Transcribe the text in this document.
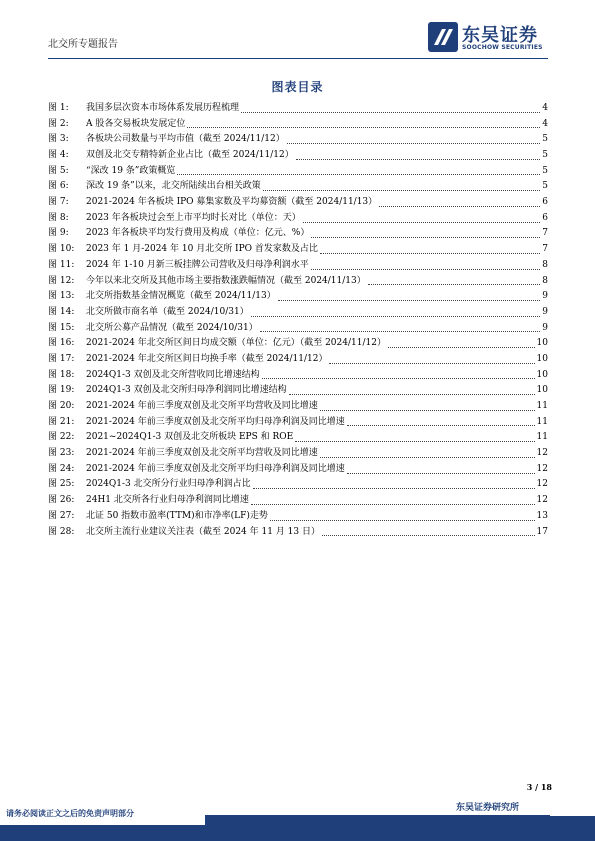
北交所专题报告	东吴证券
SOOCHOW SECURITIES
图表目录
图 1:	我国多层次资本市场体系发展历程梳理	4
图 2:	A 股各交易板块发展定位	4
图 3:	各板块公司数量与平均市值（截至 2024/11/12）	5
图 4:	双创及北交专精特新企业占比（截至 2024/11/12）	5
图 5:	“深改 19 条”政策概览	5
图 6:	深改 19 条”以来，北交所陆续出台相关政策	5
图 7:	2021-2024 年各板块 IPO 募集家数及平均募资额（截至 2024/11/13）	6
图 8:	2023 年各板块过会至上市平均时长对比（单位：天）	6
图 9:	2023 年各板块平均发行费用及构成（单位：亿元、%）	7
图 10:	2023 年 1 月-2024 年 10 月北交所 IPO 首发家数及占比	7
图 11:	2024 年 1-10 月新三板挂牌公司营收及归母净利润水平	8
图 12:	今年以来北交所及其他市场主要指数涨跌幅情况（截至 2024/11/13）	8
图 13:	北交所指数基金情况概览（截至 2024/11/13）	9
图 14:	北交所做市商名单（截至 2024/10/31）	9
图 15:	北交所公募产品情况（截至 2024/10/31）	9
图 16:	2021-2024 年北交所区间日均成交额（单位：亿元）（截至 2024/11/12）	10
图 17:	2021-2024 年北交所区间日均换手率（截至 2024/11/12）	10
图 18:	2024Q1-3 双创及北交所营收同比增速结构	10
图 19:	2024Q1-3 双创及北交所归母净利润同比增速结构	10
图 20:	2021-2024 年前三季度双创及北交所平均营收及同比增速	11
图 21:	2021-2024 年前三季度双创及北交所平均归母净利润及同比增速	11
图 22:	2021~2024Q1-3 双创及北交所板块 EPS 和 ROE	11
图 23:	2021-2024 年前三季度双创及北交所平均营收及同比增速	12
图 24:	2021-2024 年前三季度双创及北交所平均归母净利润及同比增速	12
图 25:	2024Q1-3 北交所分行业归母净利润占比	12
图 26:	24H1 北交所各行业归母净利润同比增速	12
图 27:	北证 50 指数市盈率(TTM)和市净率(LF)走势	13
图 28:	北交所主流行业建议关注表（截至 2024 年 11 月 13 日）	17
3 / 18
请务必阅读正文之后的免责声明部分	东吴证券研究所
